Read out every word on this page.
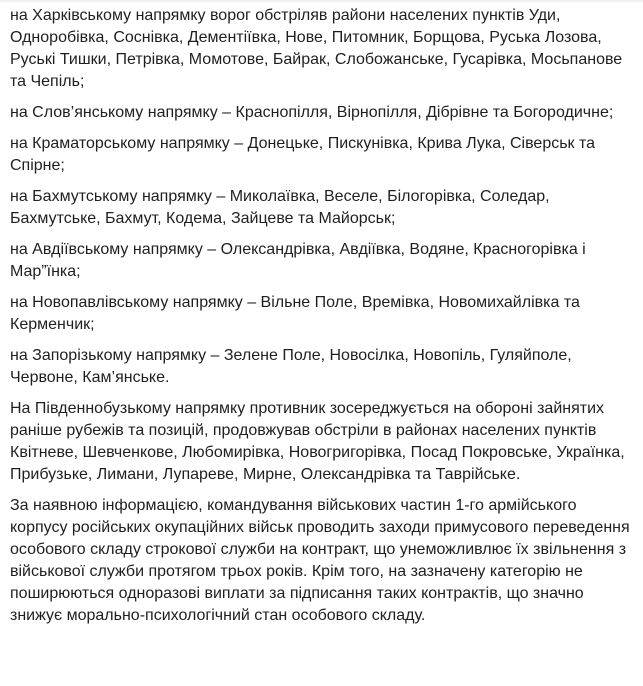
на Харківському напрямку ворог обстріляв райони населених пунктів Уди, Одноробівка, Соснівка, Дементіївка, Нове, Питомник, Борщова, Руська Лозова, Руські Тишки, Петрівка, Момотове, Байрак, Слобожанське, Гусарівка, Мосьпанове та Чепіль;

на Слов’янському напрямку – Краснопілля, Вірнопілля, Дібрівне та Богородичне;

на Краматорському напрямку – Донецьке, Пискунівка, Крива Лука, Сіверськ та Спірне;

на Бахмутському напрямку – Миколаївка, Веселе, Білогорівка, Соледар, Бахмутське, Бахмут, Кодема, Зайцеве та Майорськ;

на Авдіївському напрямку – Олександрівка, Авдіївка, Водяне, Красногорівка і Мар”їнка;

на Новопавлівському напрямку – Вільне Поле, Времівка, Новомихайлівка та Керменчик;

на Запорізькому напрямку – Зелене Поле, Новосілка, Новопіль, Гуляйполе, Червоне, Кам’янське.

На Південнобузькому напрямку противник зосереджується на обороні зайнятих раніше рубежів та позицій, продовжував обстріли в районах населених пунктів Квітневе, Шевченкове, Любомирівка, Новогригорівка, Посад Покровське, Українка, Прибузьке, Лимани, Лупареве, Мирне, Олександрівка та Таврійське.

За наявною інформацією, командування військових частин 1-го армійського корпусу російських окупаційних військ проводить заходи примусового переведення особового складу строкової служби на контракт, що унеможливлює їх звільнення з військової служби протягом трьох років. Крім того, на зазначену категорію не поширюються одноразові виплати за підписання таких контрактів, що значно знижує морально-психологічний стан особового складу.
